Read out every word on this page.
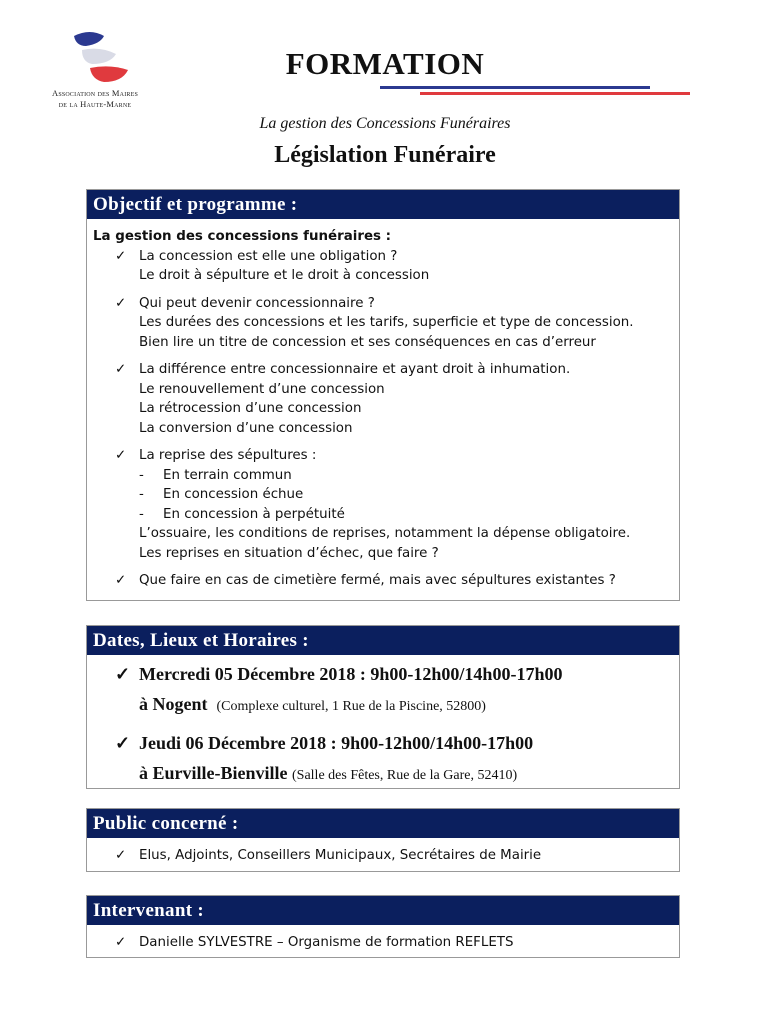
Association des Maires
de la Haute-Marne
FORMATION
La gestion des Concessions Funéraires
Législation Funéraire
Objectif et programme :
La gestion des concessions funéraires :
✓ La concession est elle une obligation ?
Le droit à sépulture et le droit à concession
✓ Qui peut devenir concessionnaire ?
Les durées des concessions et les tarifs, superficie et type de concession.
Bien lire un titre de concession et ses conséquences en cas d’erreur
✓ La différence entre concessionnaire et ayant droit à inhumation.
Le renouvellement d’une concession
La rétrocession d’une concession
La conversion d’une concession
✓ La reprise des sépultures :
- En terrain commun
- En concession échue
- En concession à perpétuité
L’ossuaire, les conditions de reprises, notamment la dépense obligatoire.
Les reprises en situation d’échec, que faire ?
✓ Que faire en cas de cimetière fermé, mais avec sépultures existantes ?
Dates, Lieux et Horaires :
✓ Mercredi 05 Décembre 2018 : 9h00-12h00/14h00-17h00
à Nogent (Complexe culturel, 1 Rue de la Piscine, 52800)
✓ Jeudi 06 Décembre 2018 : 9h00-12h00/14h00-17h00
à Eurville-Bienville (Salle des Fêtes, Rue de la Gare, 52410)
Public concerné :
✓ Elus, Adjoints, Conseillers Municipaux, Secrétaires de Mairie
Intervenant :
✓ Danielle SYLVESTRE – Organisme de formation REFLETS
